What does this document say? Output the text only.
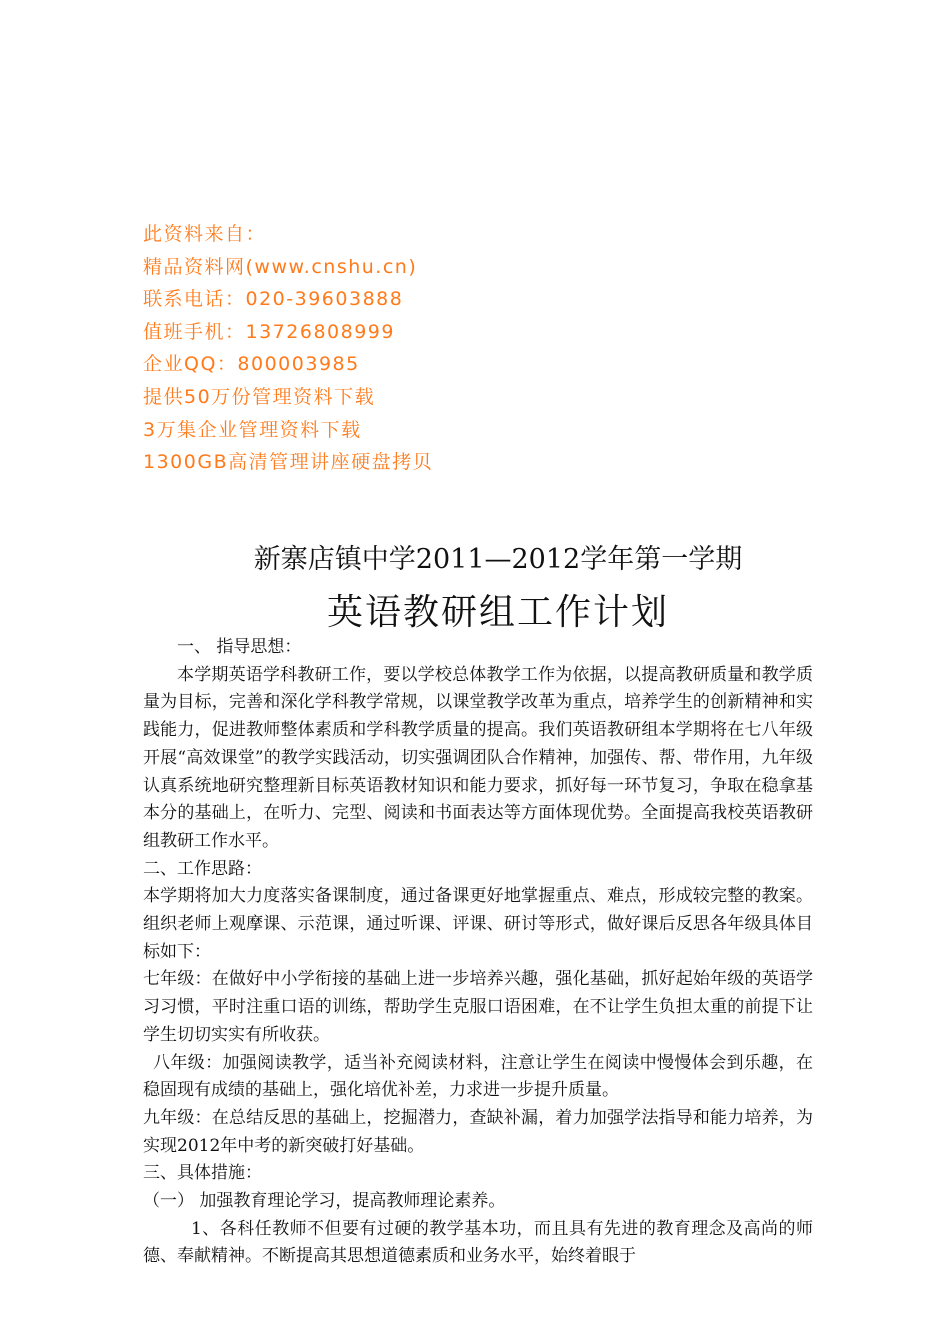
此资料来自：
精品资料网(www.cnshu.cn)
联系电话：020-39603888
值班手机：13726808999
企业QQ：800003985
提供50万份管理资料下载
3万集企业管理资料下载
1300GB高清管理讲座硬盘拷贝
新寨店镇中学2011—2012学年第一学期
英语教研组工作计划

一、 指导思想：

本学期英语学科教研工作，要以学校总体教学工作为依据，以提高教研质量和教学质量为目标，完善和深化学科教学常规，以课堂教学改革为重点，培养学生的创新精神和实践能力，促进教师整体素质和学科教学质量的提高。我们英语教研组本学期将在七八年级开展“高效课堂”的教学实践活动，切实强调团队合作精神，加强传、帮、带作用，九年级认真系统地研究整理新目标英语教材知识和能力要求，抓好每一环节复习，争取在稳拿基本分的基础上，在听力、完型、阅读和书面表达等方面体现优势。全面提高我校英语教研组教研工作水平。

二、工作思路：

本学期将加大力度落实备课制度，通过备课更好地掌握重点、难点，形成较完整的教案。组织老师上观摩课、示范课，通过听课、评课、研讨等形式，做好课后反思各年级具体目标如下：

七年级：在做好中小学衔接的基础上进一步培养兴趣，强化基础，抓好起始年级的英语学习习惯，平时注重口语的训练，帮助学生克服口语困难，在不让学生负担太重的前提下让学生切切实实有所收获。

八年级：加强阅读教学，适当补充阅读材料，注意让学生在阅读中慢慢体会到乐趣，在稳固现有成绩的基础上，强化培优补差，力求进一步提升质量。

九年级：在总结反思的基础上，挖掘潜力，查缺补漏，着力加强学法指导和能力培养，为实现2012年中考的新突破打好基础。

三、具体措施：

（一） 加强教育理论学习，提高教师理论素养。

1、各科任教师不但要有过硬的教学基本功，而且具有先进的教育理念及高尚的师德、奉献精神。不断提高其思想道德素质和业务水平，始终着眼于
